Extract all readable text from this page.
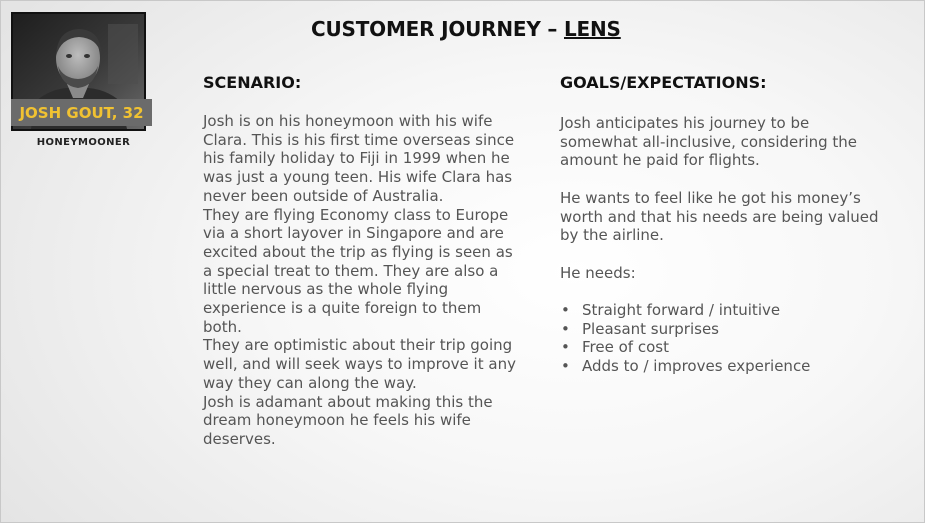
CUSTOMER JOURNEY – LENS
JOSH GOUT, 32
HONEYMOONER
SCENARIO:

Josh is on his honeymoon with his wife Clara. This is his first time overseas since his family holiday to Fiji in 1999 when he was just a young teen. His wife Clara has never been outside of Australia.

They are flying Economy class to Europe via a short layover in Singapore and are excited about the trip as flying is seen as a special treat to them. They are also a little nervous as the whole flying experience is a quite foreign to them both.

They are optimistic about their trip going well, and will seek ways to improve it any way they can along the way.

Josh is adamant about making this the dream honeymoon he feels his wife deserves.

GOALS/EXPECTATIONS:

Josh anticipates his journey to be somewhat all-inclusive, considering the amount he paid for flights.

He wants to feel like he got his money’s worth and that his needs are being valued by the airline.

He needs:

• Straight forward / intuitive
• Pleasant surprises
• Free of cost
• Adds to / improves experience
